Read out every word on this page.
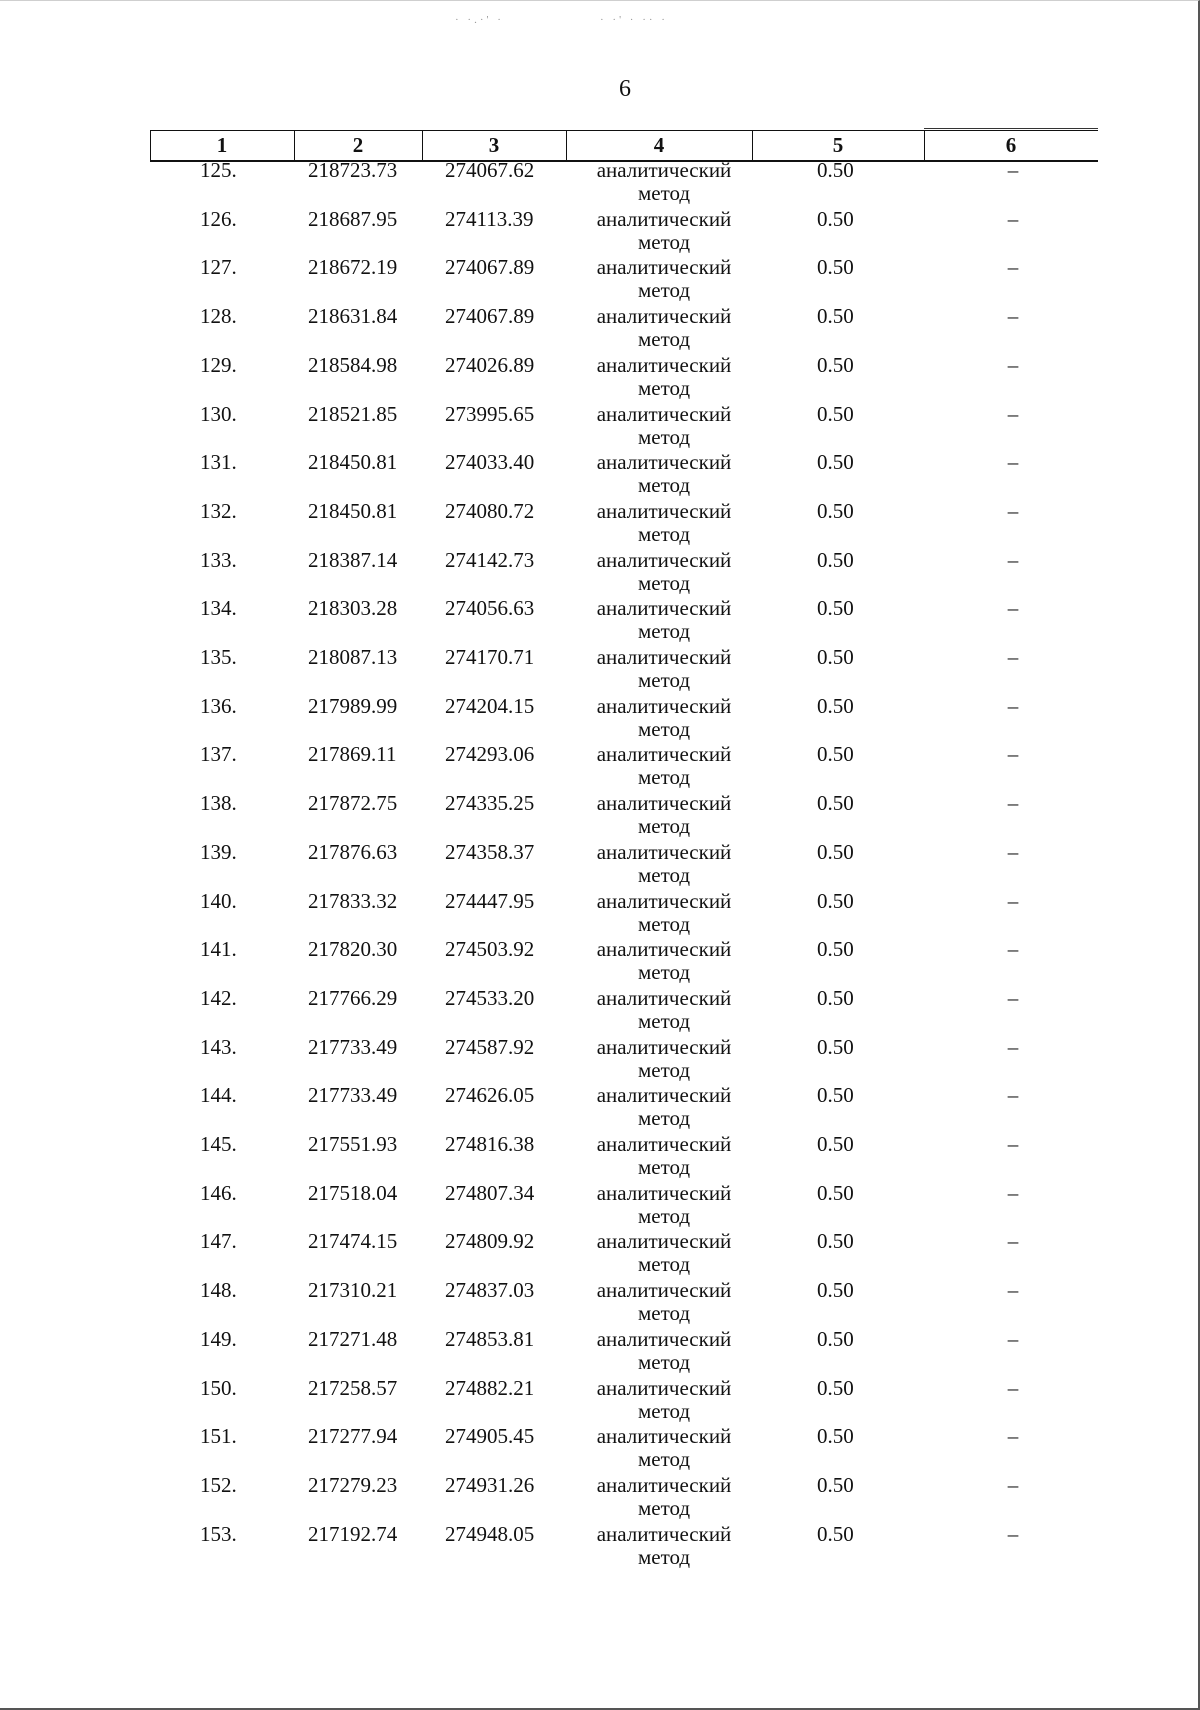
· ·.·' ·	· ·' · ·· ·
6
1	2	3	4	5	6
125.	218723.73	274067.62	аналитический
метод
0.50	–
126.	218687.95	274113.39	аналитический
метод
0.50	–
127.	218672.19	274067.89	аналитический
метод
0.50	–
128.	218631.84	274067.89	аналитический
метод
0.50	–
129.	218584.98	274026.89	аналитический
метод
0.50	–
130.	218521.85	273995.65	аналитический
метод
0.50	–
131.	218450.81	274033.40	аналитический
метод
0.50	–
132.	218450.81	274080.72	аналитический
метод
0.50	–
133.	218387.14	274142.73	аналитический
метод
0.50	–
134.	218303.28	274056.63	аналитический
метод
0.50	–
135.	218087.13	274170.71	аналитический
метод
0.50	–
136.	217989.99	274204.15	аналитический
метод
0.50	–
137.	217869.11	274293.06	аналитический
метод
0.50	–
138.	217872.75	274335.25	аналитический
метод
0.50	–
139.	217876.63	274358.37	аналитический
метод
0.50	–
140.	217833.32	274447.95	аналитический
метод
0.50	–
141.	217820.30	274503.92	аналитический
метод
0.50	–
142.	217766.29	274533.20	аналитический
метод
0.50	–
143.	217733.49	274587.92	аналитический
метод
0.50	–
144.	217733.49	274626.05	аналитический
метод
0.50	–
145.	217551.93	274816.38	аналитический
метод
0.50	–
146.	217518.04	274807.34	аналитический
метод
0.50	–
147.	217474.15	274809.92	аналитический
метод
0.50	–
148.	217310.21	274837.03	аналитический
метод
0.50	–
149.	217271.48	274853.81	аналитический
метод
0.50	–
150.	217258.57	274882.21	аналитический
метод
0.50	–
151.	217277.94	274905.45	аналитический
метод
0.50	–
152.	217279.23	274931.26	аналитический
метод
0.50	–
153.	217192.74	274948.05	аналитический
метод
0.50	–
